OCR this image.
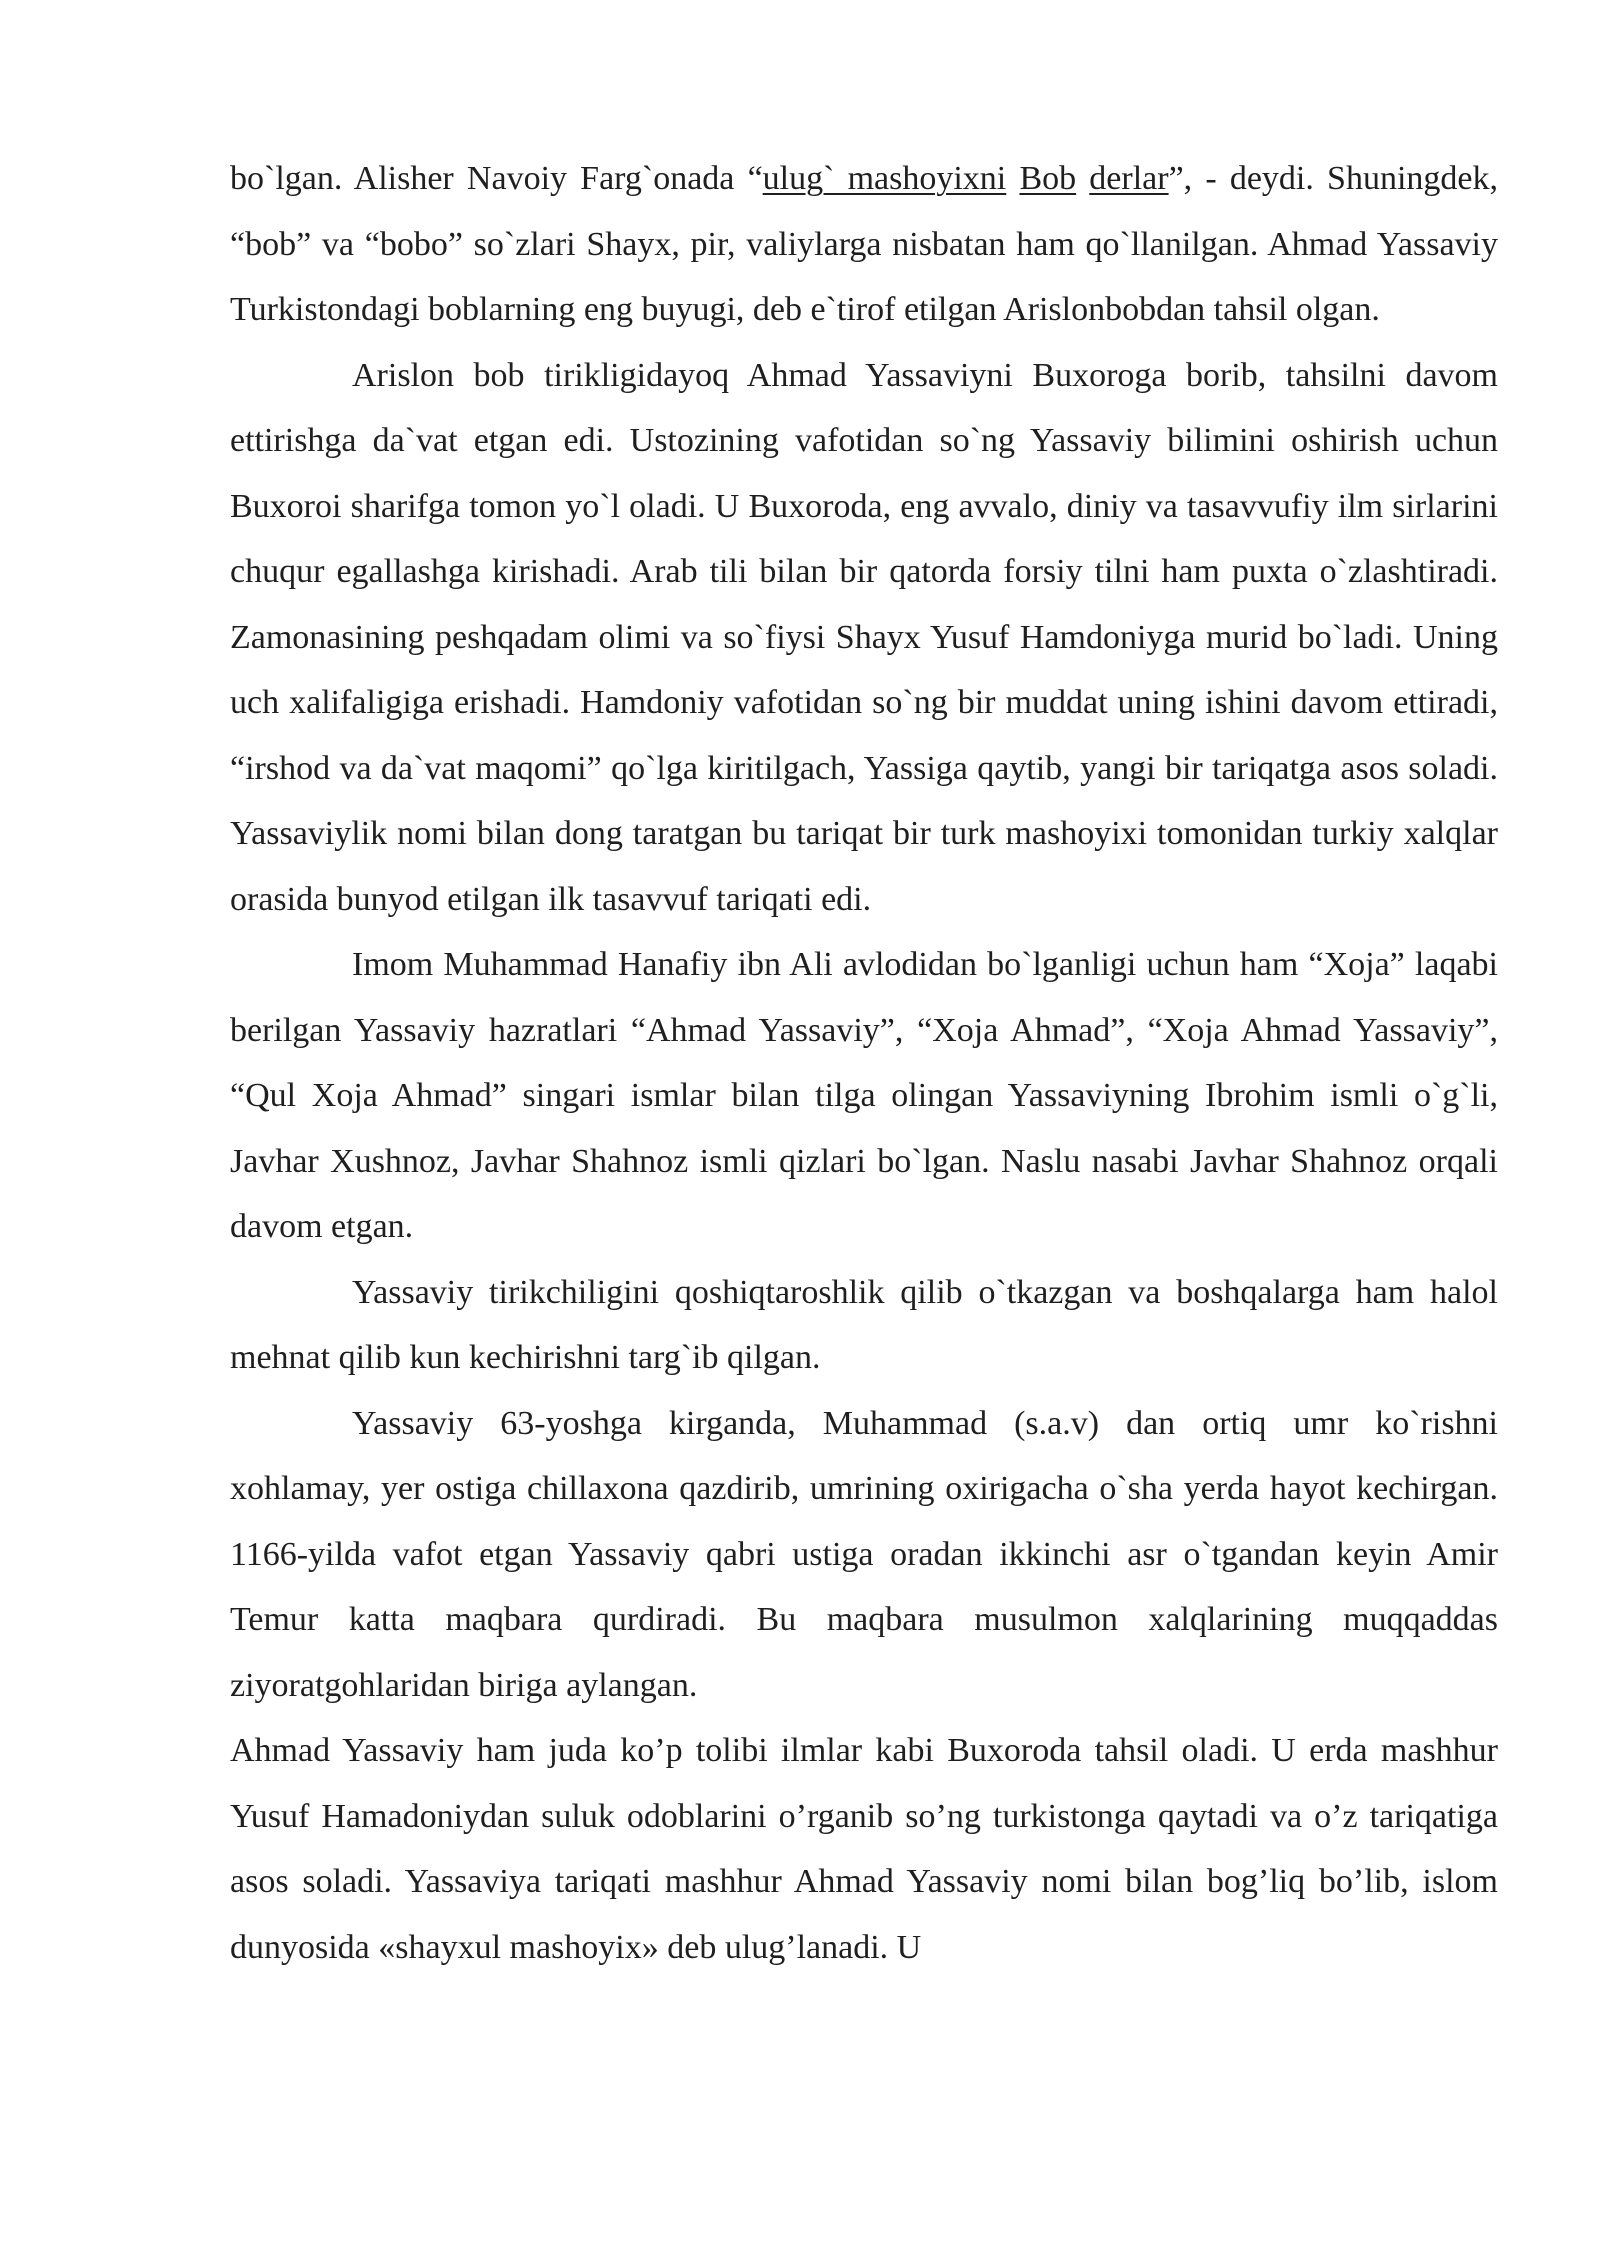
bo`lgan. Alisher Navoiy Farg`onada “ulug` mashoyixni Bob derlar”, - deydi. Shuningdek, “bob” va “bobo” so`zlari Shayx, pir, valiylarga nisbatan ham qo`llanilgan. Ahmad Yassaviy Turkistondagi boblarning eng buyugi, deb e`tirof etilgan Arislonbobdan tahsil olgan.

Arislon bob tirikligidayoq Ahmad Yassaviyni Buxoroga borib, tahsilni davom ettirishga da`vat etgan edi. Ustozining vafotidan so`ng Yassaviy bilimini oshirish uchun Buxoroi sharifga tomon yo`l oladi. U Buxoroda, eng avvalo, diniy va tasavvufiy ilm sirlarini chuqur egallashga kirishadi. Arab tili bilan bir qatorda forsiy tilni ham puxta o`zlashtiradi. Zamonasining peshqadam olimi va so`fiysi Shayx Yusuf Hamdoniyga murid bo`ladi. Uning uch xalifaligiga erishadi. Hamdoniy vafotidan so`ng bir muddat uning ishini davom ettiradi, “irshod va da`vat maqomi” qo`lga kiritilgach, Yassiga qaytib, yangi bir tariqatga asos soladi. Yassaviylik nomi bilan dong taratgan bu tariqat bir turk mashoyixi tomonidan turkiy xalqlar orasida bunyod etilgan ilk tasavvuf tariqati edi.

Imom Muhammad Hanafiy ibn Ali avlodidan bo`lganligi uchun ham “Xoja” laqabi berilgan Yassaviy hazratlari “Ahmad Yassaviy”, “Xoja Ahmad”, “Xoja Ahmad Yassaviy”, “Qul Xoja Ahmad” singari ismlar bilan tilga olingan Yassaviyning Ibrohim ismli o`g`li, Javhar Xushnoz, Javhar Shahnoz ismli qizlari bo`lgan. Naslu nasabi Javhar Shahnoz orqali davom etgan.

Yassaviy tirikchiligini qoshiqtaroshlik qilib o`tkazgan va boshqalarga ham halol mehnat qilib kun kechirishni targ`ib qilgan.

Yassaviy 63-yoshga kirganda, Muhammad (s.a.v) dan ortiq umr ko`rishni xohlamay, yer ostiga chillaxona qazdirib, umrining oxirigacha o`sha yerda hayot kechirgan. 1166-yilda vafot etgan Yassaviy qabri ustiga oradan ikkinchi asr o`tgandan keyin Amir Temur katta maqbara qurdiradi. Bu maqbara musulmon xalqlarining muqqaddas ziyoratgohlaridan biriga aylangan.

Ahmad Yassaviy ham juda ko’p tolibi ilmlar kabi Buxoroda tahsil oladi. U erda mashhur Yusuf Hamadoniydan suluk odoblarini o’rganib so’ng turkistonga qaytadi va o’z tariqatiga asos soladi. Yassaviya tariqati mashhur Ahmad Yassaviy nomi bilan bog’liq bo’lib, islom dunyosida «shayxul mashoyix» deb ulug’lanadi. U
